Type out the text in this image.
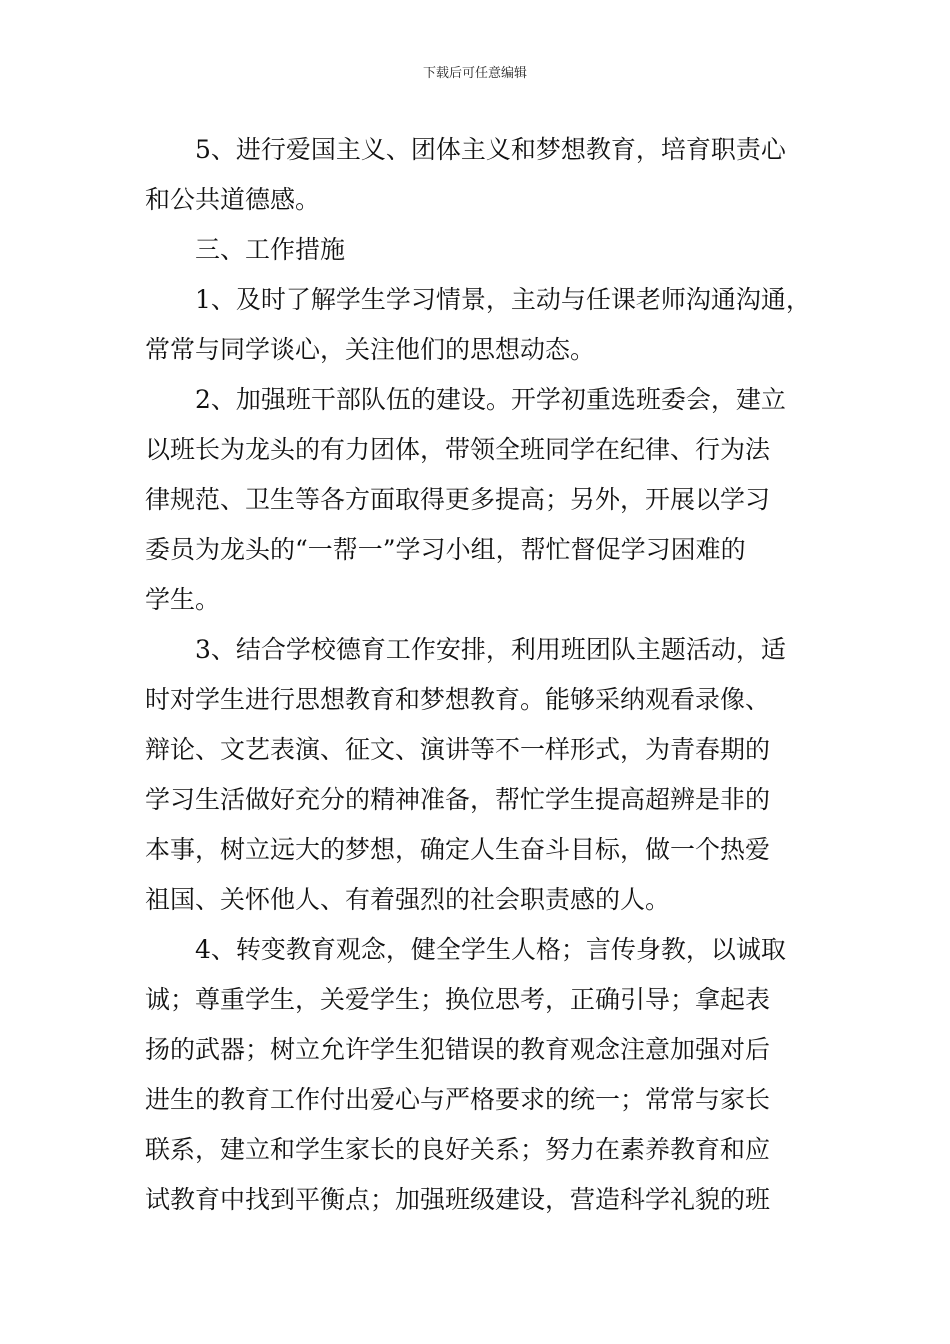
下载后可任意编辑
5、进行爱国主义、团体主义和梦想教育，培育职责心
和公共道德感。
三、工作措施
1、及时了解学生学习情景，主动与任课老师沟通沟通，
常常与同学谈心，关注他们的思想动态。
2、加强班干部队伍的建设。开学初重选班委会，建立
以班长为龙头的有力团体，带领全班同学在纪律、行为法
律规范、卫生等各方面取得更多提高；另外，开展以学习
委员为龙头的“一帮一”学习小组，帮忙督促学习困难的
学生。
3、结合学校德育工作安排，利用班团队主题活动，适
时对学生进行思想教育和梦想教育。能够采纳观看录像、
辩论、文艺表演、征文、演讲等不一样形式，为青春期的
学习生活做好充分的精神准备，帮忙学生提高超辨是非的
本事，树立远大的梦想，确定人生奋斗目标，做一个热爱
祖国、关怀他人、有着强烈的社会职责感的人。
4、转变教育观念，健全学生人格；言传身教，以诚取
诚；尊重学生，关爱学生；换位思考，正确引导；拿起表
扬的武器；树立允许学生犯错误的教育观念注意加强对后
进生的教育工作付出爱心与严格要求的统一；常常与家长
联系，建立和学生家长的良好关系；努力在素养教育和应
试教育中找到平衡点；加强班级建设，营造科学礼貌的班
